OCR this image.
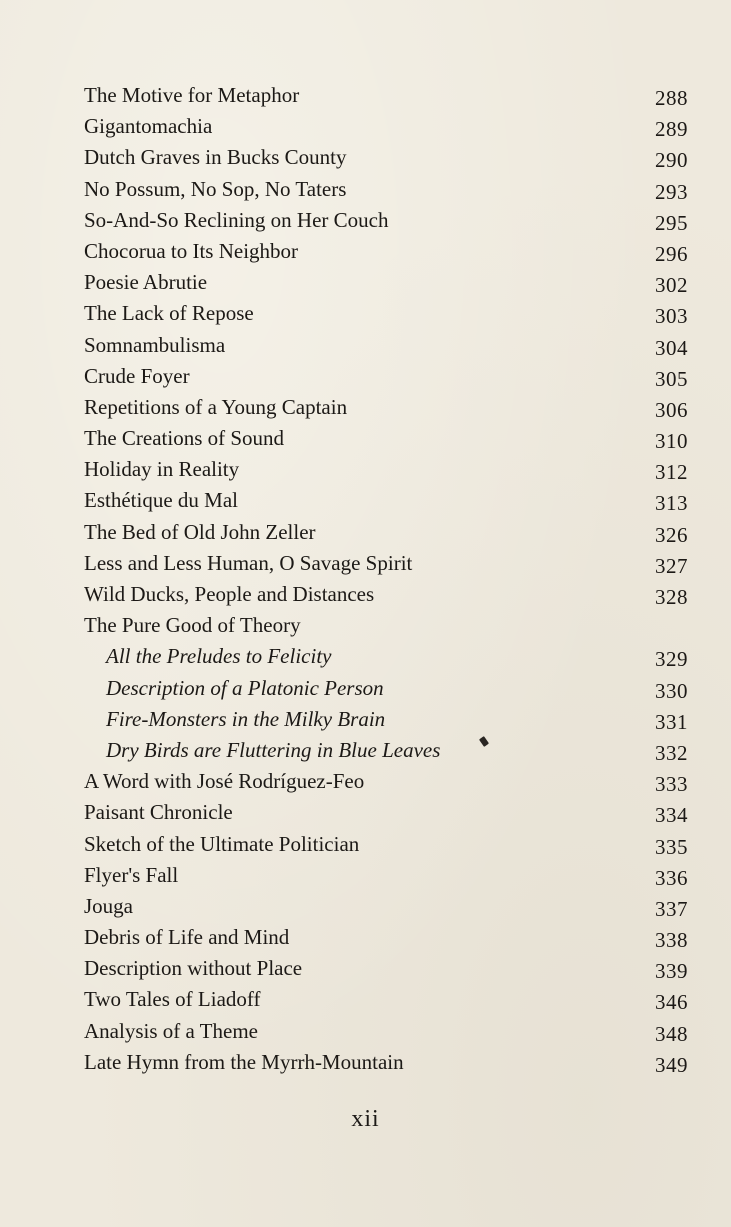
The Motive for Metaphor	288
Gigantomachia	289
Dutch Graves in Bucks County	290
No Possum, No Sop, No Taters	293
So-And-So Reclining on Her Couch	295
Chocorua to Its Neighbor	296
Poesie Abrutie	302
The Lack of Repose	303
Somnambulisma	304
Crude Foyer	305
Repetitions of a Young Captain	306
The Creations of Sound	310
Holiday in Reality	312
Esthétique du Mal	313
The Bed of Old John Zeller	326
Less and Less Human, O Savage Spirit	327
Wild Ducks, People and Distances	328
The Pure Good of Theory
All the Preludes to Felicity	329
Description of a Platonic Person	330
Fire-Monsters in the Milky Brain	331
Dry Birds are Fluttering in Blue Leaves	332
A Word with José Rodríguez-Feo	333
Paisant Chronicle	334
Sketch of the Ultimate Politician	335
Flyer's Fall	336
Jouga	337
Debris of Life and Mind	338
Description without Place	339
Two Tales of Liadoff	346
Analysis of a Theme	348
Late Hymn from the Myrrh-Mountain	349
xii
